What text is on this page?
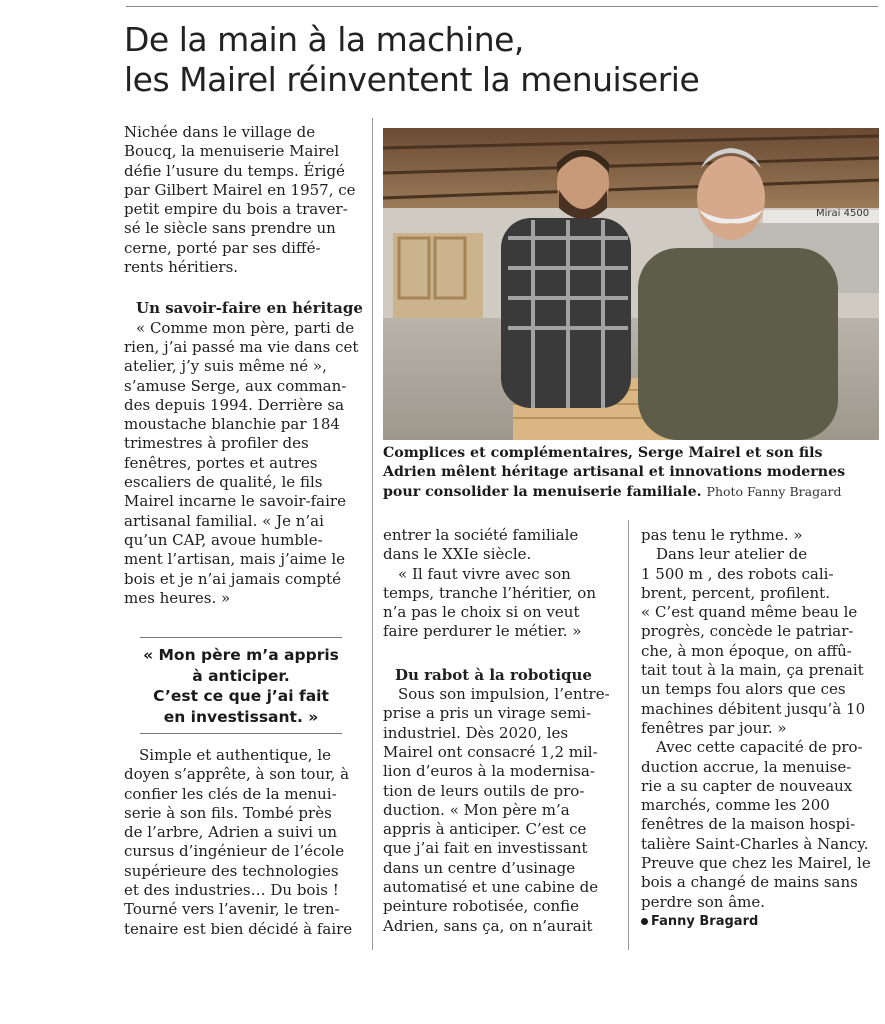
De la main à la machine,
les Mairel réinventent la menuiserie

Nichée dans le village de
Boucq, la menuiserie Mairel
défie l’usure du temps. Érigé
par Gilbert Mairel en 1957, ce
petit empire du bois a traver-
sé le siècle sans prendre un
cerne, porté par ses diffé-
rents héritiers.

Un savoir-faire en héritage

« Comme mon père, parti de
rien, j’ai passé ma vie dans cet
atelier, j’y suis même né »,
s’amuse Serge, aux comman-
des depuis 1994. Derrière sa
moustache blanchie par 184
trimestres à profiler des
fenêtres, portes et autres
escaliers de qualité, le fils
Mairel incarne le savoir-faire
artisanal familial. « Je n’ai
qu’un CAP, avoue humble-
ment l’artisan, mais j’aime le
bois et je n’ai jamais compté
mes heures. »

« Mon père m’a appris
à anticiper.
C’est ce que j’ai fait
en investissant. »

Simple et authentique, le
doyen s’apprête, à son tour, à
confier les clés de la menui-
serie à son fils. Tombé près
de l’arbre, Adrien a suivi un
cursus d’ingénieur de l’école
supérieure des technologies
et des industries… Du bois !
Tourné vers l’avenir, le tren-
tenaire est bien décidé à faire

Mirai 4500
Complices et complémentaires, Serge Mairel et son fils
Adrien mêlent héritage artisanal et innovations modernes
pour consolider la menuiserie familiale. Photo Fanny Bragard

entrer la société familiale
dans le XXIe siècle.
« Il faut vivre avec son
temps, tranche l’héritier, on
n’a pas le choix si on veut
faire perdurer le métier. »

Du rabot à la robotique

Sous son impulsion, l’entre-
prise a pris un virage semi-
industriel. Dès 2020, les
Mairel ont consacré 1,2 mil-
lion d’euros à la modernisa-
tion de leurs outils de pro-
duction. « Mon père m’a
appris à anticiper. C’est ce
que j’ai fait en investissant
dans un centre d’usinage
automatisé et une cabine de
peinture robotisée, confie
Adrien, sans ça, on n’aurait

pas tenu le rythme. »
Dans leur atelier de
1 500 m , des robots cali-
brent, percent, profilent.
« C’est quand même beau le
progrès, concède le patriar-
che, à mon époque, on affû-
tait tout à la main, ça prenait
un temps fou alors que ces
machines débitent jusqu’à 10
fenêtres par jour. »
Avec cette capacité de pro-
duction accrue, la menuise-
rie a su capter de nouveaux
marchés, comme les 200
fenêtres de la maison hospi-
talière Saint-Charles à Nancy.
Preuve que chez les Mairel, le
bois a changé de mains sans
perdre son âme.

Fanny Bragard
